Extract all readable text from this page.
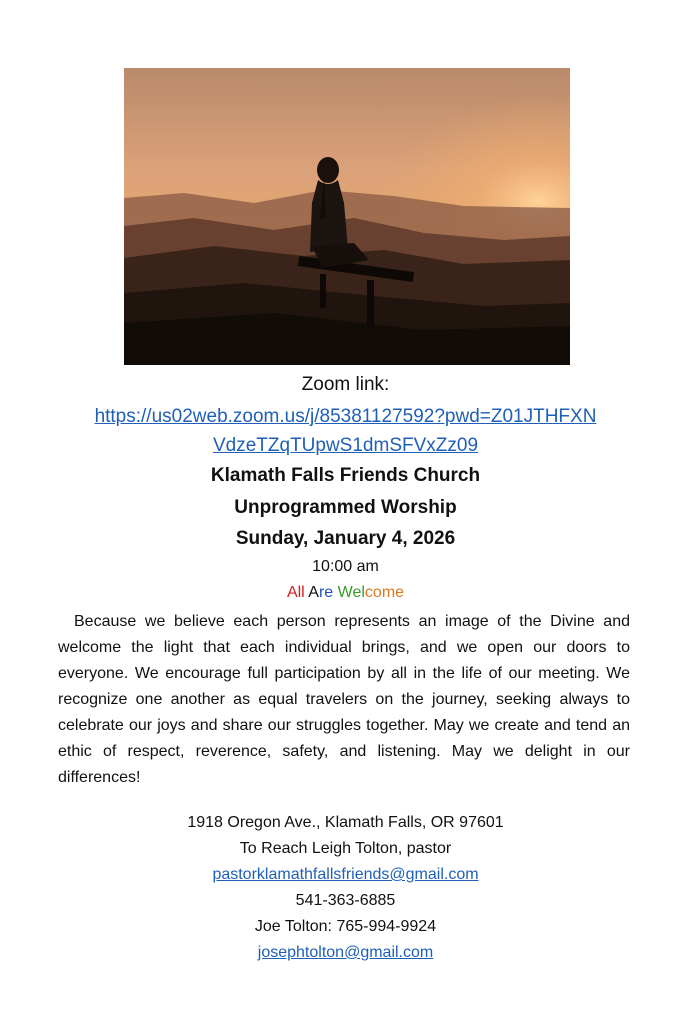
Zoom link:
https://us02web.zoom.us/j/85381127592?pwd=Z01JTHFXN
VdzeTZqTUpwS1dmSFVxZz09
Klamath Falls Friends Church
Unprogrammed Worship
Sunday, January 4, 2026
10:00 am
All Are Welcome
Because we believe each person represents an image of the Divine and welcome the light that each individual brings, and we open our doors to everyone. We encourage full participation by all in the life of our meeting. We recognize one another as equal travelers on the journey, seeking always to celebrate our joys and share our struggles together. May we create and tend an ethic of respect, reverence, safety, and listening. May we delight in our differences!
1918 Oregon Ave., Klamath Falls, OR 97601
To Reach Leigh Tolton, pastor
pastorklamathfallsfriends@gmail.com
541-363-6885
Joe Tolton: 765-994-9924
josephtolton@gmail.com
